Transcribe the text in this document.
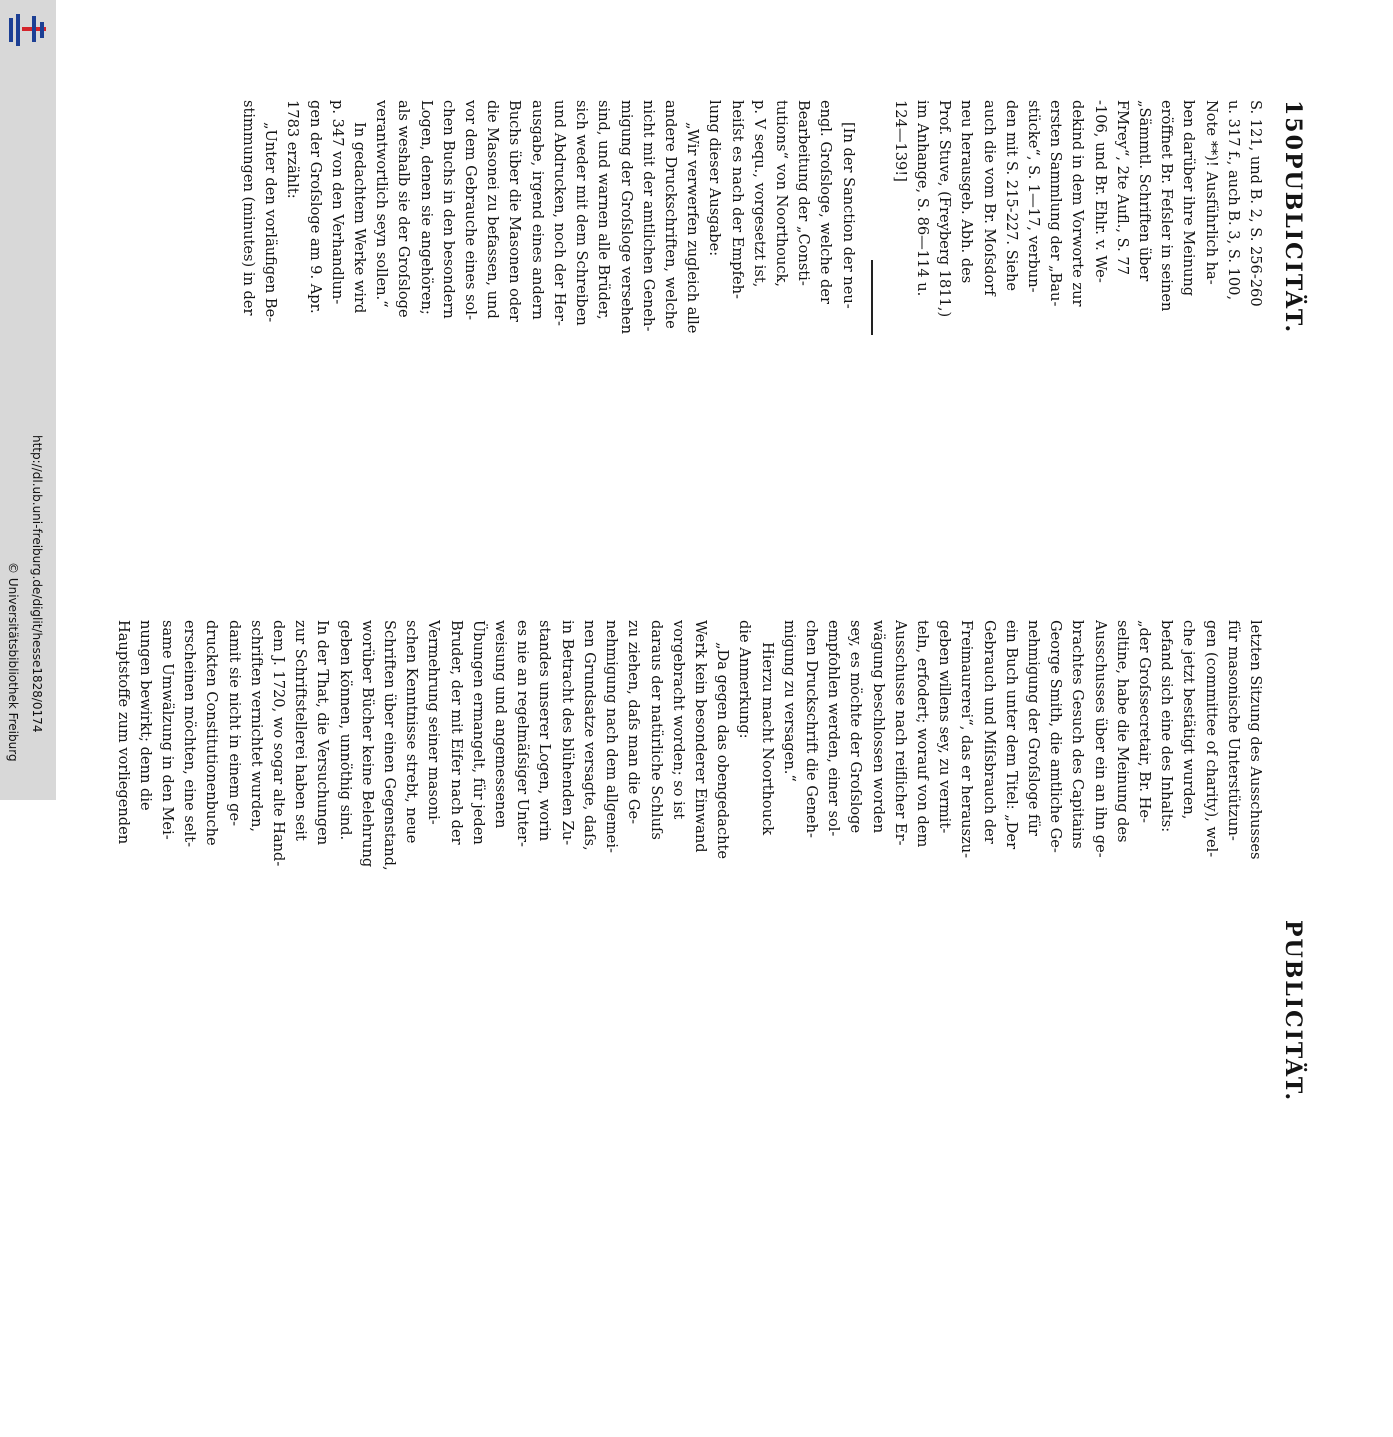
http://dl.ub.uni-freiburg.de/diglit/hesse1828/0174
© Universitätsbibliothek Freiburg
150
PUBLICITÄT.
PUBLICITÄT.
S. 121, und B. 2, S. 256-260
u. 317 f., auch B. 3, S. 100,
Note **)! Ausführlich ha-
ben darüber ihre Meinung
eröffnet Br. Feſsler in seinen
„Sämmtl. Schriften über
FMrey“, 2te Aufl., S. 77
-106, und Br. Ehlr. v. We-
dekind in dem Vorworte zur
ersten Sammlung der „Bau-
stücke“, S. 1—17, verbun-
den mit S. 215-227. Siehe
auch die vom Br. Moſsdorf
neu herausgeb. Abh. des
Prof. Stuve, (Freyberg 1811,)
im Anhange, S. 86—114 u.
124—139!]
[In der Sanction der neu-
engl. Groſsloge, welche der
Bearbeitung der „Consti-
tutions“ von Noorthouck,
p. V sequ., vorgesetzt ist,
heiſst es nach der Empfeh-
lung dieser Ausgabe:
„Wir verwerfen zugleich alle
andere Druckschriften, welche
nicht mit der amtlichen Geneh-
migung der Groſsloge versehen
sind, und warnen alle Brüder,
sich weder mit dem Schreiben
und Abdrucken, noch der Her-
ausgabe, irgend eines andern
Buchs über die Masonen oder
die Masonei zu befassen, und
vor dem Gebrauche eines sol-
chen Buchs in den besondern
Logen, denen sie angehören;
als weshalb sie der Groſsloge
verantwortlich seyn sollen.“
In gedachtem Werke wird
p. 347 von den Verhandlun-
gen der Groſsloge am 9. Apr.
1783 erzählt:
„Unter den vorläufigen Be-
stimmungen (minutes) in der
letzten Sitzung des Ausschusses
für masonische Unterstützun-
gen (committee of charity), wel-
che jetzt bestätigt wurden,
befand sich eine des Inhalts:
„der Groſssecretair, Br. He-
seltine, habe die Meinung des
Ausschusses über ein an ihn ge-
brachtes Gesuch des Capitains
George Smith, die amtliche Ge-
nehmigung der Groſsloge für
ein Buch unter dem Titel: „Der
Gebrauch und Miſsbrauch der
Freimaurerei“, das er herauszu-
geben willens sey, zu vermit-
teln, erfodert; worauf von dem
Ausschusse nach reiflicher Er-
wägung beschlossen worden
sey, es möchte der Groſsloge
empfohlen werden, einer sol-
chen Druckschrift die Geneh-
migung zu versagen.“
Hierzu macht Noorthouck
die Anmerkung:
„Da gegen das obengedachte
Werk kein besonderer Einwand
vorgebracht worden; so ist
daraus der natürliche Schluſs
zu ziehen, daſs man die Ge-
nehmigung nach dem allgemei-
nen Grundsatze versagte, daſs,
in Betracht des blühenden Zu-
standes unserer Logen, worin
es nie an regelmäſsiger Unter-
weisung und angemessenen
Übungen ermangelt, für jeden
Bruder, der mit Eifer nach der
Vermehrung seiner masoni-
schen Kenntnisse strebt, neue
Schriften über einen Gegenstand,
worüber Bücher keine Belehrung
geben können, unnöthig sind.
In der That, die Versuchungen
zur Schriftstellerei haben seit
dem J. 1720, wo sogar alte Hand-
schriften vernichtet wurden,
damit sie nicht in einem ge-
druckten Constitutionenbuche
erscheinen möchten, eine selt-
same Umwälzung in den Mei-
nungen bewirkt; denn die
Hauptstoffe zum vorliegenden
